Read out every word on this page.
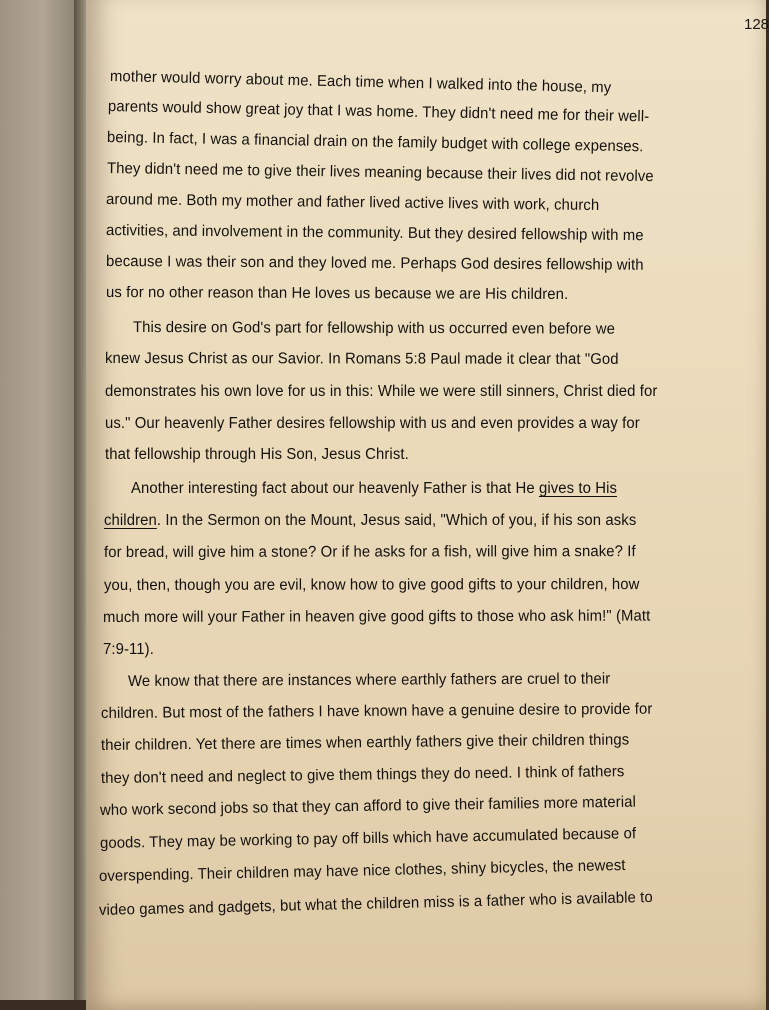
128
mother would worry about me. Each time when I walked into the house, my
parents would show great joy that I was home. They didn't need me for their well-
being. In fact, I was a financial drain on the family budget with college expenses.
They didn't need me to give their lives meaning because their lives did not revolve
around me. Both my mother and father lived active lives with work, church
activities, and involvement in the community. But they desired fellowship with me
because I was their son and they loved me. Perhaps God desires fellowship with
us for no other reason than He loves us because we are His children.
This desire on God's part for fellowship with us occurred even before we
knew Jesus Christ as our Savior. In Romans 5:8 Paul made it clear that "God
demonstrates his own love for us in this: While we were still sinners, Christ died for
us." Our heavenly Father desires fellowship with us and even provides a way for
that fellowship through His Son, Jesus Christ.
Another interesting fact about our heavenly Father is that He gives to His
children. In the Sermon on the Mount, Jesus said, "Which of you, if his son asks
for bread, will give him a stone? Or if he asks for a fish, will give him a snake? If
you, then, though you are evil, know how to give good gifts to your children, how
much more will your Father in heaven give good gifts to those who ask him!" (Matt
7:9-11).
We know that there are instances where earthly fathers are cruel to their
children. But most of the fathers I have known have a genuine desire to provide for
their children. Yet there are times when earthly fathers give their children things
they don't need and neglect to give them things they do need. I think of fathers
who work second jobs so that they can afford to give their families more material
goods. They may be working to pay off bills which have accumulated because of
overspending. Their children may have nice clothes, shiny bicycles, the newest
video games and gadgets, but what the children miss is a father who is available to
